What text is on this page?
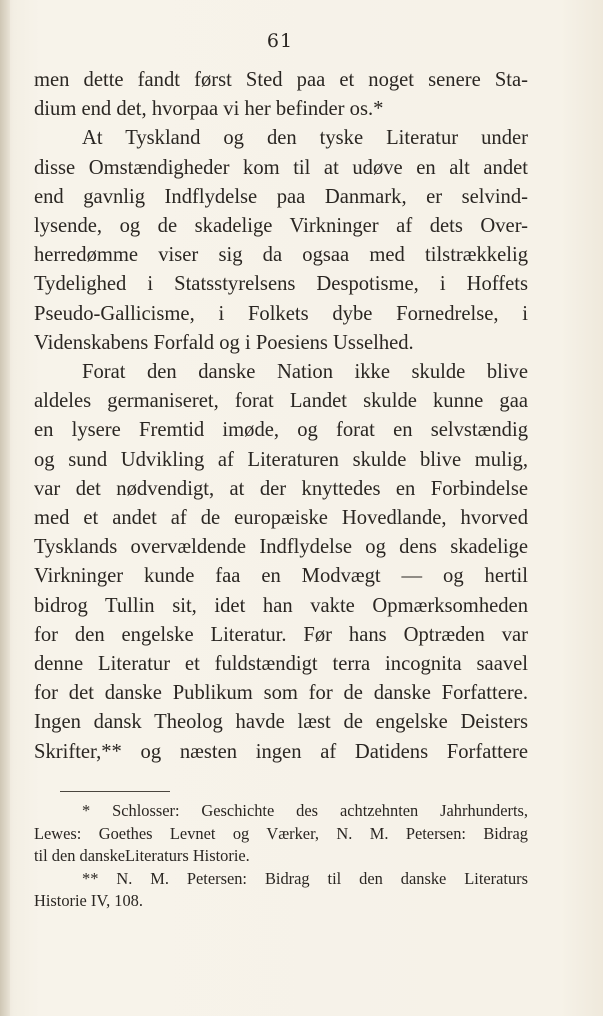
61
men dette fandt først Sted paa et noget senere Sta-
dium end det, hvorpaa vi her befinder os.*
At Tyskland og den tyske Literatur under
disse Omstændigheder kom til at udøve en alt andet
end gavnlig Indflydelse paa Danmark, er selvind-
lysende, og de skadelige Virkninger af dets Over-
herredømme viser sig da ogsaa med tilstrækkelig
Tydelighed i Statsstyrelsens Despotisme, i Hoffets
Pseudo-Gallicisme, i Folkets dybe Fornedrelse, i
Videnskabens Forfald og i Poesiens Usselhed.
Forat den danske Nation ikke skulde blive
aldeles germaniseret, forat Landet skulde kunne gaa
en lysere Fremtid imøde, og forat en selvstændig
og sund Udvikling af Literaturen skulde blive mulig,
var det nødvendigt, at der knyttedes en Forbindelse
med et andet af de europæiske Hovedlande, hvorved
Tysklands overvældende Indflydelse og dens skadelige
Virkninger kunde faa en Modvægt — og hertil
bidrog Tullin sit, idet han vakte Opmærksomheden
for den engelske Literatur. Før hans Optræden var
denne Literatur et fuldstændigt terra incognita saavel
for det danske Publikum som for de danske Forfattere.
Ingen dansk Theolog havde læst de engelske Deisters
Skrifter,** og næsten ingen af Datidens Forfattere
* Schlosser: Geschichte des achtzehnten Jahrhunderts,
Lewes: Goethes Levnet og Værker, N. M. Petersen: Bidrag
til den danskeLiteraturs Historie.
** N. M. Petersen: Bidrag til den danske Literaturs
Historie IV, 108.
